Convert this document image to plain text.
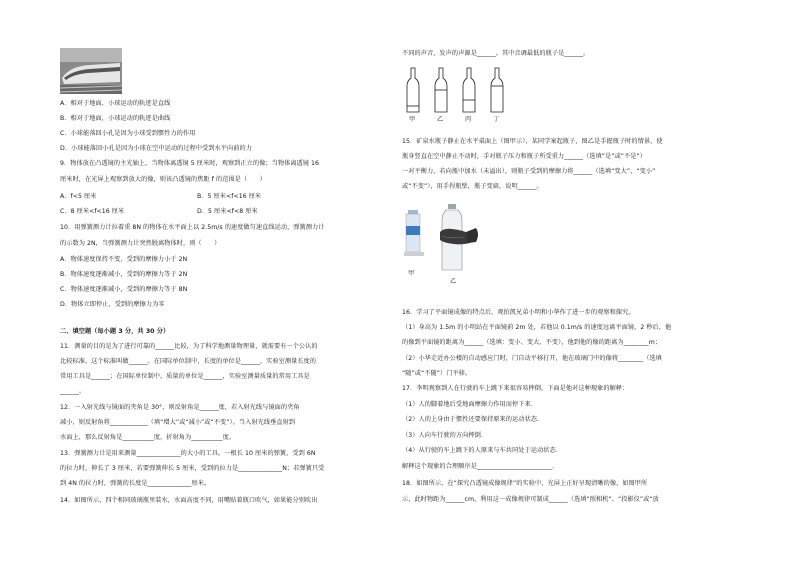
A．相对于地面，小球运动的轨迹是直线
B．相对于地面，小球运动的轨迹是曲线
C．小球能落回小孔是因为小球受到惯性力的作用
D．小球能落回小孔是因为小球在空中运动的过程中受到水平向前的力
9．物体放在凸透镜的主光轴上，当物体离透镜 5 厘米时，观察到正立的像；当物体离透镜 16
厘米时，在光屏上观察到放大的像，则该凸透镜的焦距 f 的范围是（　　）
A．f<5 厘米	B．5 厘米<f<16 厘米
C．8 厘米<f<16 厘米	D．5 厘米<f<8 厘米
10．用弹簧测力计拉着重 8N 的物体在水平面上以 2.5m/s 的速度做匀速直线运动，弹簧测力计
的示数为 2N，当弹簧测力计突然脱离物体时，则（　　）
A．物体速度保持不变，受到的摩擦力小于 2N
B．物体速度逐渐减小，受到的摩擦力等于 2N
C．物体速度逐渐减小，受到的摩擦力等于 8N
D．物体立即停止，受到的摩擦力为零
二、填空题（每小题 3 分，共 30 分）
11．测量的目的是为了进行可靠的______比较，为了科学地测量物理量，就需要有一个公认的
比较标准，这个标准叫做______。在国际单位制中，长度的单位是______，实验室测量长度的
常用工具是______；在国际单位制中，质量的单位是______，实验室测量质量的常用工具是
______。
12．一入射光线与镜面的夹角是 30°，则反射角是______度，若入射光线与镜面的夹角
减小，则反射角将____________（填“增大”或“减小”或“不变”）。当入射光线垂直射到
水面上，那么反射角是__________度，折射角为__________度。
13．弹簧测力计是用来测量______________的大小的工具。一根长 10 厘米的弹簧，受到 6N
的拉力时，伸长了 3 厘米，若要弹簧伸长 5 厘米，受到的拉力是______________N；若弹簧只受
到 4N 的拉力时，弹簧的长度是______________厘米。
14．如图所示，四个相同玻璃瓶里装水，水面高度不同，用嘴贴着瓶口吹气，如果能分别吹出
不同的声音，发声的声源是______。其中音调最低的瓶子是______。
甲	乙	丙	丁
15．矿泉水瓶子静止在水平桌面上（图甲示），某同学案起瓶子，图乙是手握瓶子时的情景，使
瓶身竖直在空中静止不动时，手对瓶子压力和瓶子所受重力______（选填“是”或“不是”）
一对平衡力，若向瓶中加水（未溢出），则瓶子受到的摩擦力将______（选填“变大”、“变小”
或“不变”），用手捏瓶壁，瓶子变扁，说明______。
甲
乙
16．学习了平面镜成像的特点后，观拍凯兄弟小明和小华作了进一步的观察和探究。
（1）身高为 1.5m 的小明站在平面镜前 2m 处，若他以 0.1m/s 的速度远离平面镜，2 秒后，他
的像到平面镜的距离为______（选填：变小、变大、不变），他到他的像的距离为________m；
（2）小华走近办公楼的自动感应门时，门自动平移打开，他在玻璃门中的像将________（选填
“随”或“不随”）门平移。
17．李明观察到人在行驶的车上跳下来很容易摔倒，下面是他对这种现象的解释：
（1）人的脚着地后受地面摩擦力作用而停下来．
（2）人的上身由于惯性还要保持原来的运动状态．
（3）人向车行驶的方向摔倒．
（4）从行驶的车上跳下的人原来与车共同处于运动状态．
解释这个现象的合理顺序是________________________．
18．如图所示，在“探究凸透镜成像规律”的实验中，光屏上正好呈现清晰的像，如图甲所
示，此时物距为______cm，利用这一成像规律可制成______（选填“照相机”、“投影仪”或“放
